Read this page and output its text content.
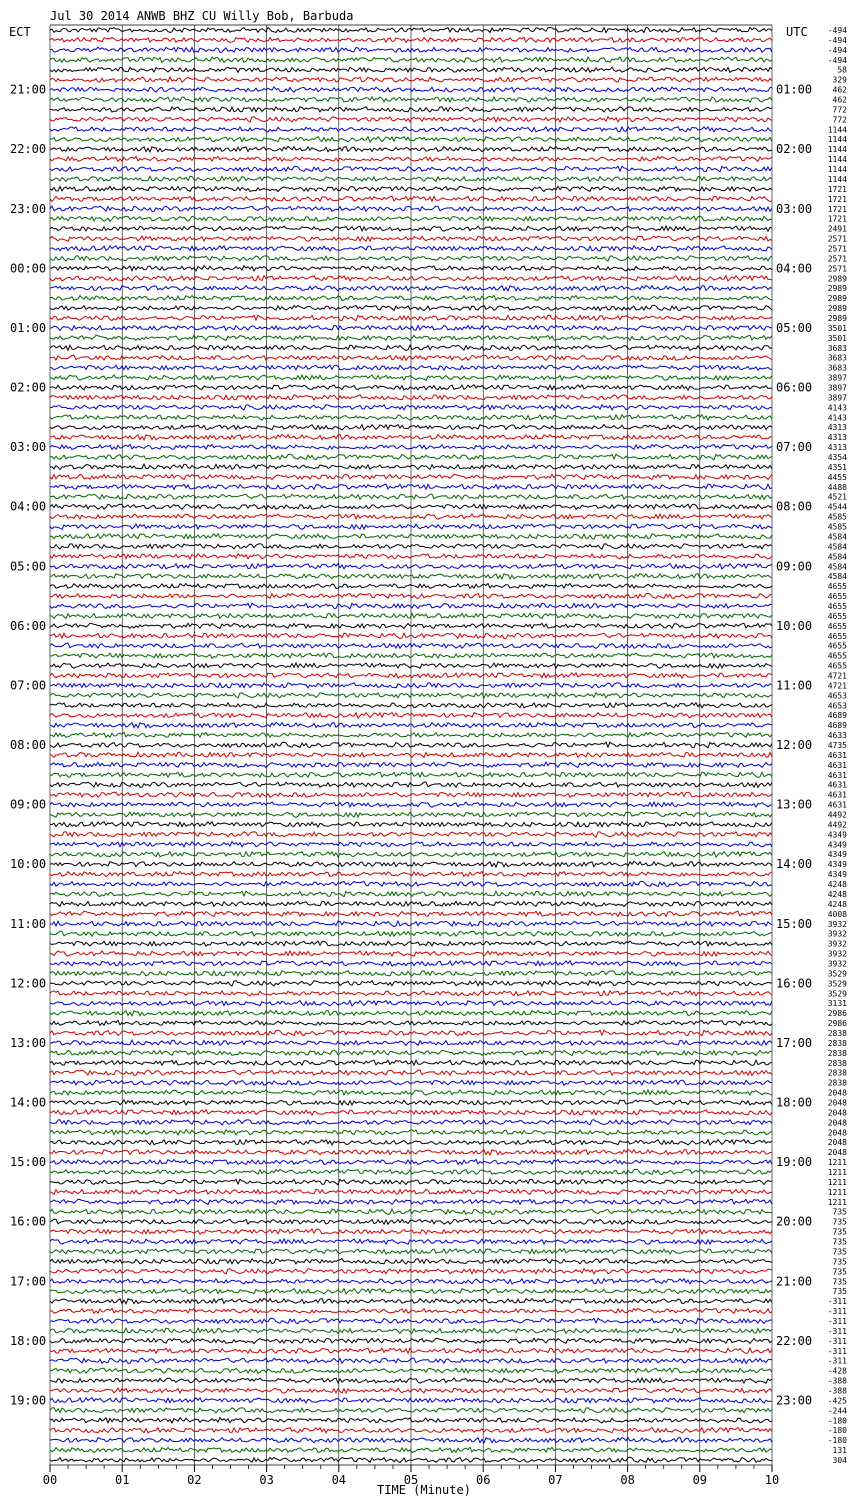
Jul 30 2014 ANWB BHZ CU Willy Bob, Barbuda
ECT	UTC
21:00
22:00
23:00
00:00
01:00
02:00
03:00
04:00
05:00
06:00
07:00
08:00
09:00
10:00
11:00
12:00
13:00
14:00
15:00
16:00
17:00
18:00
19:00
01:00
02:00
03:00
04:00
05:00
06:00
07:00
08:00
09:00
10:00
11:00
12:00
13:00
14:00
15:00
16:00
17:00
18:00
19:00
20:00
21:00
22:00
23:00
-494
-494
-494
-494
58
329
462
462
772
772
1144
1144
1144
1144
1144
1144
1721
1721
1721
1721
2491
2571
2571
2571
2571
2989
2989
2989
2989
2989
3501
3501
3683
3683
3683
3897
3897
3897
4143
4143
4313
4313
4313
4354
4351
4455
4488
4521
4544
4585
4585
4584
4584
4584
4584
4584
4655
4655
4655
4655
4655
4655
4655
4655
4655
4721
4721
4653
4653
4689
4689
4633
4735
4631
4631
4631
4631
4631
4631
4492
4492
4349
4349
4349
4349
4349
4248
4248
4248
4008
3932
3932
3932
3932
3932
3529
3529
3529
3131
2986
2986
2838
2838
2838
2838
2838
2838
2048
2048
2048
2048
2048
2048
2048
1211
1211
1211
1211
1211
735
735
735
735
735
735
735
735
735
-311
-311
-311
-311
-311
-311
-311
-428
-388
-388
-425
-244
-180
-180
-180
131
304
00	01	02	03	04	05	06	07	08	09	10
TIME (Minute)
